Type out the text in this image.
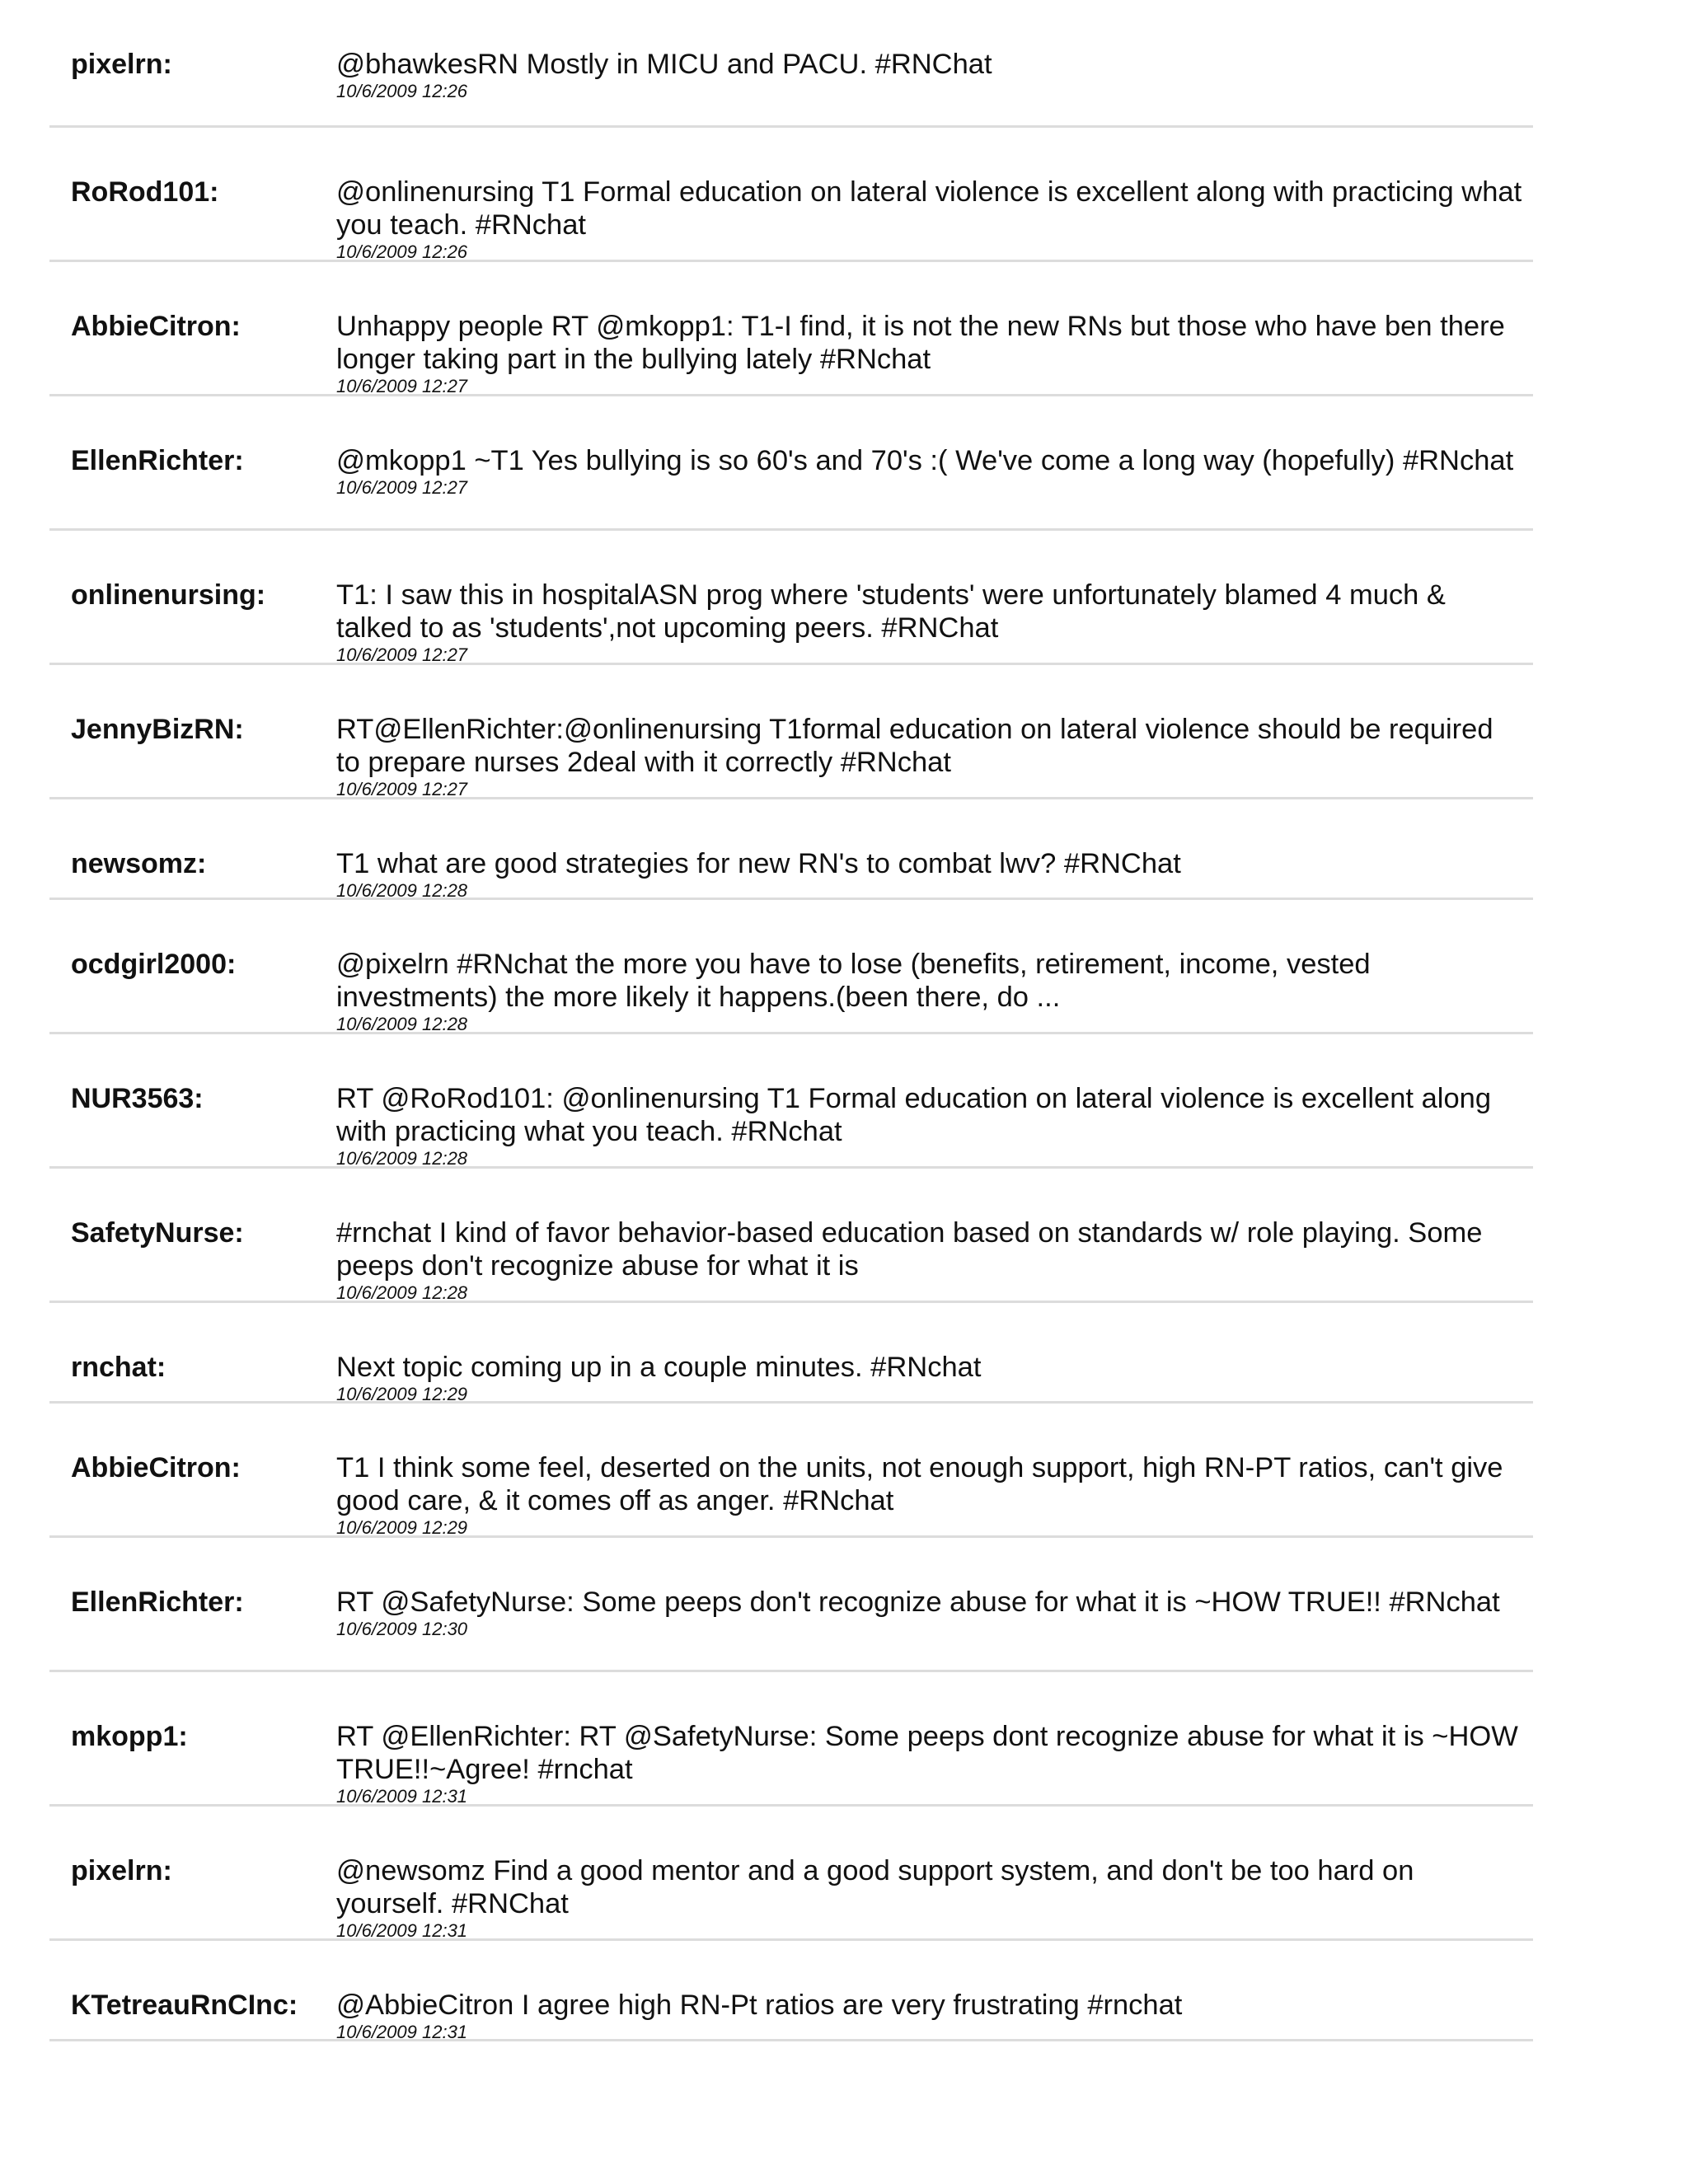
pixelrn:	@bhawkesRN Mostly in MICU and PACU. #RNChat
10/6/2009 12:26
RoRod101:	@onlinenursing T1 Formal education on lateral violence is excellent along with practicing what you teach. #RNchat
10/6/2009 12:26
AbbieCitron:	Unhappy people RT @mkopp1: T1-I find, it is not the new RNs but those who have ben there longer taking part in the bullying lately #RNchat
10/6/2009 12:27
EllenRichter:	@mkopp1 ~T1 Yes bullying is so 60's and 70's :( We've come a long way (hopefully) #RNchat
10/6/2009 12:27
onlinenursing: T1: I saw this in hospitalASN prog where 'students' were unfortunately blamed 4 much & talked to as 'students',not upcoming peers. #RNChat
10/6/2009 12:27
JennyBizRN:	RT@EllenRichter:@onlinenursing T1formal education on lateral violence should be required to prepare nurses 2deal with it correctly #RNchat
10/6/2009 12:27
newsomz:	T1 what are good strategies for new RN's to combat lwv? #RNChat
10/6/2009 12:28
ocdgirl2000:	@pixelrn #RNchat the more you have to lose (benefits, retirement, income, vested investments) the more likely it happens.(been there, do ...
10/6/2009 12:28
NUR3563:	RT @RoRod101: @onlinenursing T1 Formal education on lateral violence is excellent along with practicing what you teach. #RNchat
10/6/2009 12:28
SafetyNurse:	#rnchat I kind of favor behavior-based education based on standards w/ role playing. Some peeps don't recognize abuse for what it is
10/6/2009 12:28
rnchat:	Next topic coming up in a couple minutes. #RNchat
10/6/2009 12:29
AbbieCitron:	T1 I think some feel, deserted on the units, not enough support, high RN-PT ratios, can't give good care, & it comes off as anger. #RNchat
10/6/2009 12:29
EllenRichter:	RT @SafetyNurse: Some peeps don't recognize abuse for what it is ~HOW TRUE!! #RNchat
10/6/2009 12:30
mkopp1:	RT @EllenRichter: RT @SafetyNurse: Some peeps dont recognize abuse for what it is ~HOW TRUE!!~Agree! #rnchat
10/6/2009 12:31
pixelrn:	@newsomz Find a good mentor and a good support system, and don't be too hard on yourself. #RNChat
10/6/2009 12:31
KTetreauRnCInc: @AbbieCitron I agree high RN-Pt ratios are very frustrating #rnchat
10/6/2009 12:31
